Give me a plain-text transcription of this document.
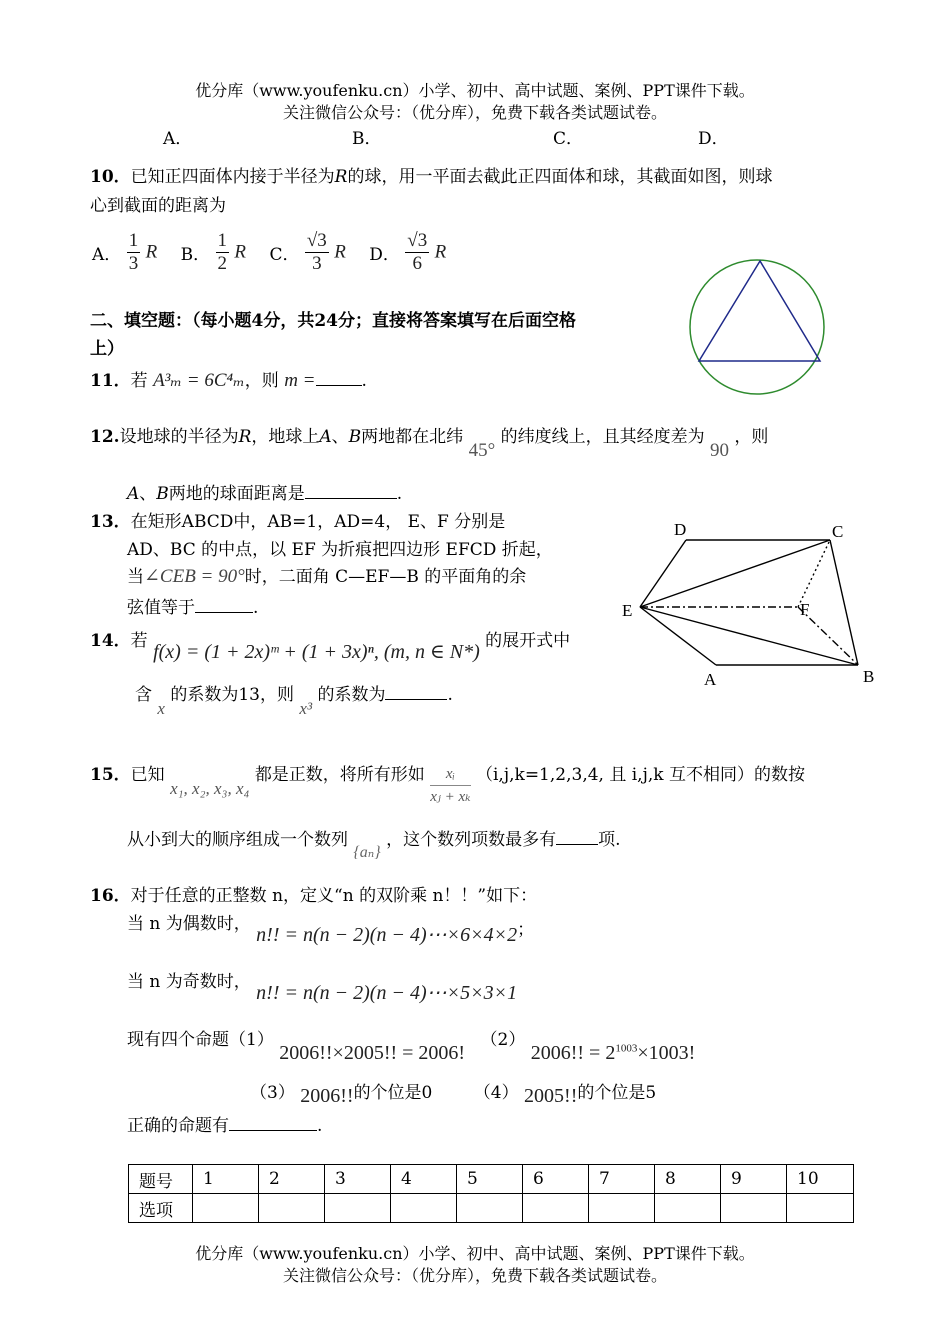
优分库（www.youfenku.cn）小学、初中、高中试题、案例、PPT课件下载。
关注微信公众号：（优分库），免费下载各类试题试卷。
A．	B．	C．	D．
10．已知正四面体内接于半径为R的球，用一平面去截此正四面体和球，其截面如图，则球
心到截面的距离为
A． $\frac{1}{3}$ R B． $\frac{1}{2}$ R C． $\frac{√3}{3}$ R D． $\frac{√3}{6}$ R
二、填空题：（每小题4分，共24分；直接将答案填写在后面空格
上）
11．若 A³ₘ = 6C⁴ₘ，则 m =	.
12.设地球的半径为R，地球上A、B两地都在北纬 45° 的纬度线上，且其经度差为 90 ，则
A、B两地的球面距离是	.
13．在矩形ABCD中，AB=1，AD=4， E、F 分别是
AD、BC 的中点，以 EF 为折痕把四边形 EFCD 折起，
当∠CEB = 90°时，二面角 C—EF—B 的平面角的余
弦值等于	.
D	C
E	F
A	B
14．若 f(x) = (1 + 2x)ᵐ + (1 + 3x)ⁿ, (m, n ∈ N*) 的展开式中
含 x 的系数为13，则 x³ 的系数为	.
15．已知 x₁, x₂, x₃, x₄ 都是正数，将所有形如 $\frac{\text{xᵢ}}{\text{xⱼ + xₖ}} (i,j,k=1,2,3,4$, 且 i,j,k 互不相同）的数按
从小到大的顺序组成一个数列 {aₙ} ，这个数列项数最多有 项.
16．对于任意的正整数 n，定义“n 的双阶乘 n！！”如下：
当 n 为偶数时， n!! = n(n − 2)(n − 4)⋯×6×4×2；
当 n 为奇数时， n!! = n(n − 2)(n − 4)⋯×5×3×1
现有四个命题（1） 2006!!×2005!! = 2006! （2） 2006!! = $2^{1003}\times 1003$!
（3） 2006!!的个位是0 （4） 2005!!的个位是5
正确的命题有	.
题号	1	2	3	4	5	6	7	8	9	10
选项										
优分库（www.youfenku.cn）小学、初中、高中试题、案例、PPT课件下载。
关注微信公众号：（优分库），免费下载各类试题试卷。
